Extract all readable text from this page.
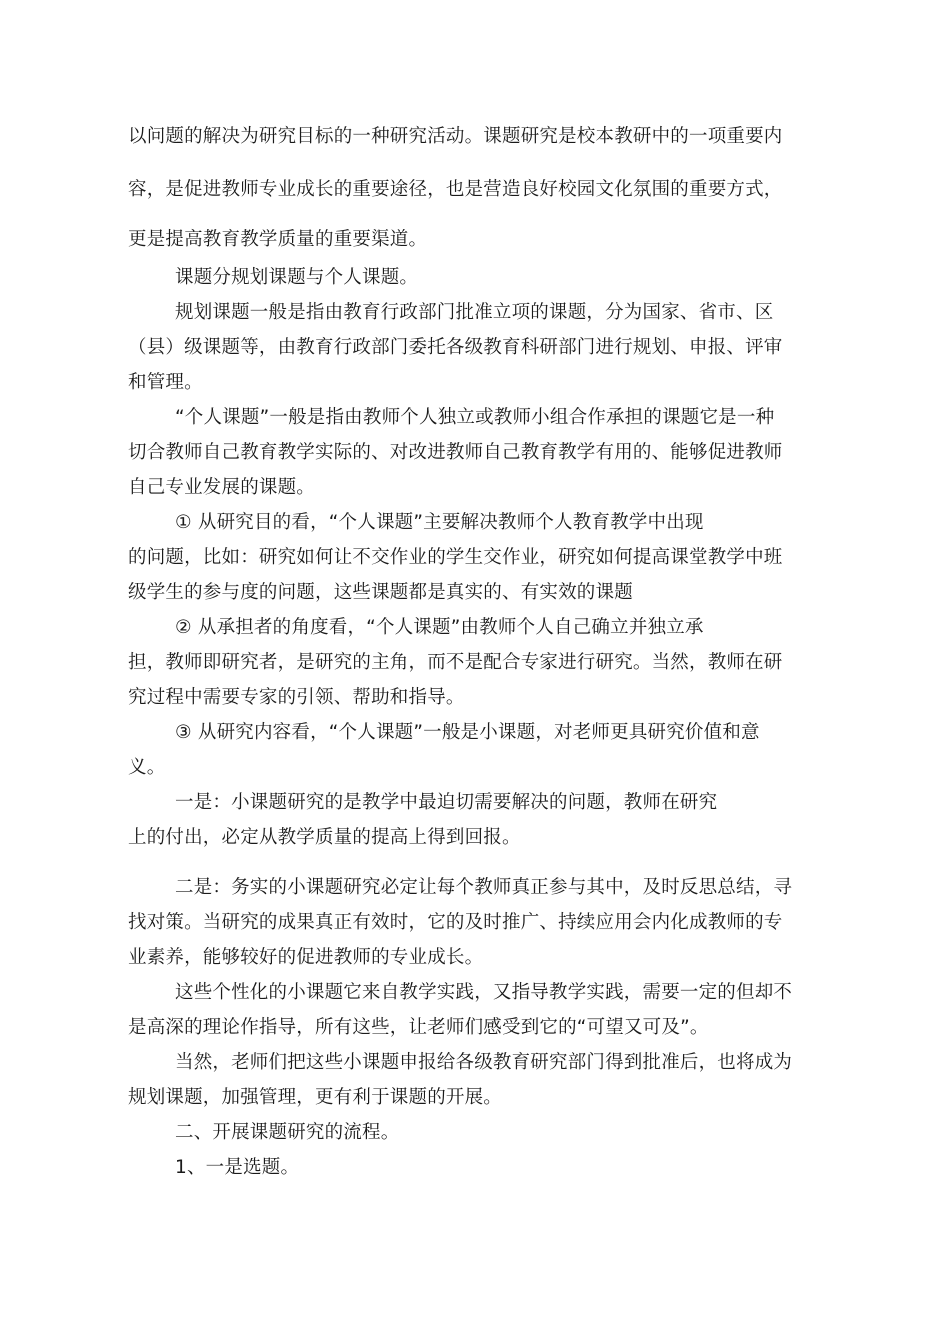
以问题的解决为研究目标的一种研究活动。课题研究是校本教研中的一项重要内
容，是促进教师专业成长的重要途径，也是营造良好校园文化氛围的重要方式，
更是提高教育教学质量的重要渠道。
课题分规划课题与个人课题。
规划课题一般是指由教育行政部门批准立项的课题，分为国家、省市、区
（县）级课题等，由教育行政部门委托各级教育科研部门进行规划、申报、评审
和管理。
“个人课题”一般是指由教师个人独立或教师小组合作承担的课题它是一种
切合教师自己教育教学实际的、对改进教师自己教育教学有用的、能够促进教师
自己专业发展的课题。
① 从研究目的看，“个人课题”主要解决教师个人教育教学中出现
的问题，比如：研究如何让不交作业的学生交作业，研究如何提高课堂教学中班
级学生的参与度的问题，这些课题都是真实的、有实效的课题
② 从承担者的角度看，“个人课题”由教师个人自己确立并独立承
担，教师即研究者，是研究的主角，而不是配合专家进行研究。当然，教师在研
究过程中需要专家的引领、帮助和指导。
③ 从研究内容看，“个人课题”一般是小课题，对老师更具研究价值和意
义。
一是：小课题研究的是教学中最迫切需要解决的问题，教师在研究
上的付出，必定从教学质量的提高上得到回报。
二是：务实的小课题研究必定让每个教师真正参与其中，及时反思总结，寻
找对策。当研究的成果真正有效时，它的及时推广、持续应用会内化成教师的专
业素养，能够较好的促进教师的专业成长。
这些个性化的小课题它来自教学实践，又指导教学实践，需要一定的但却不
是高深的理论作指导，所有这些，让老师们感受到它的“可望又可及”。
当然，老师们把这些小课题申报给各级教育研究部门得到批准后，也将成为
规划课题，加强管理，更有利于课题的开展。
二、开展课题研究的流程。
1、一是选题。
